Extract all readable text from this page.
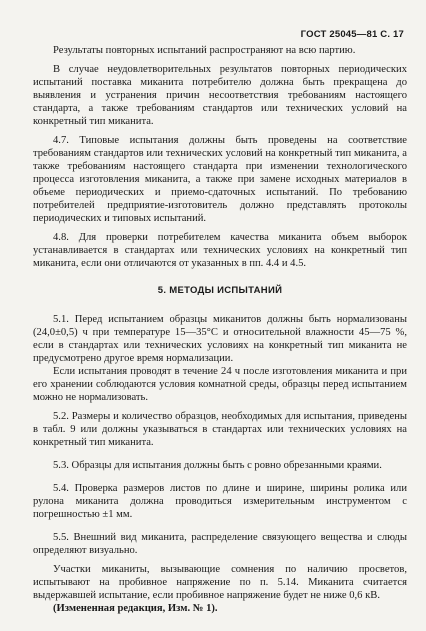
ГОСТ 25045—81 С. 17

Результаты повторных испытаний распространяют на всю партию.

В случае неудовлетворительных результатов повторных периодических испытаний поставка миканита потребителю должна быть прекращена до выявления и устранения причин несоответствия требованиям настоящего стандарта, а также требованиям стандартов или технических условий на конкретный тип миканита.

4.7. Типовые испытания должны быть проведены на соответствие требованиям стандартов или технических условий на конкретный тип миканита, а также требованиям настоящего стандарта при изменении технологического процесса изготовления миканита, а также при замене исходных материалов в объеме периодических и приемо-сдаточных испытаний. По требованию потребителей предприятие-изготовитель должно представлять протоколы периодических и типовых испытаний.

4.8. Для проверки потребителем качества миканита объем выборок устанавливается в стандартах или технических условиях на конкретный тип миканита, если они отличаются от указанных в пп. 4.4 и 4.5.

5. МЕТОДЫ ИСПЫТАНИЙ

5.1. Перед испытанием образцы миканитов должны быть нормализованы (24,0±0,5) ч при температуре 15—35°С и относительной влажности 45—75 %, если в стандартах или технических условиях на конкретный тип миканита не предусмотрено другое время нормализации.

Если испытания проводят в течение 24 ч после изготовления миканита и при его хранении соблюдаются условия комнатной среды, образцы перед испытанием можно не нормализовать.

5.2. Размеры и количество образцов, необходимых для испытания, приведены в табл. 9 или должны указываться в стандартах или технических условиях на конкретный тип миканита.

5.3. Образцы для испытания должны быть с ровно обрезанными краями.

5.4. Проверка размеров листов по длине и ширине, ширины ролика или рулона миканита должна проводиться измерительным инструментом с погрешностью ±1 мм.

5.5. Внешний вид миканита, распределение связующего вещества и слюды определяют визуально.

Участки миканиты, вызывающие сомнения по наличию просветов, испытывают на пробивное напряжение по п. 5.14. Миканита считается выдержавшей испытание, если пробивное напряжение будет не ниже 0,6 кВ.

(Измененная редакция, Изм. № 1).
